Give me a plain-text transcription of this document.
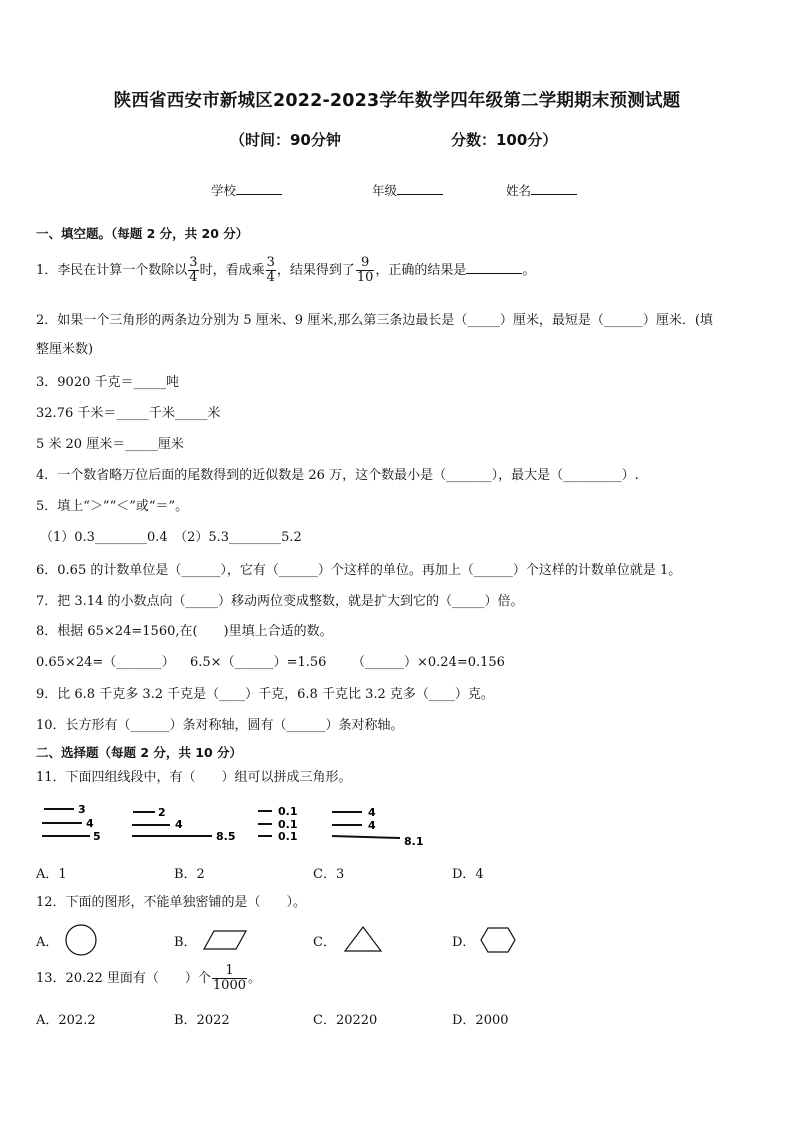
陕西省西安市新城区2022-2023学年数学四年级第二学期期末预测试题
（时间：90分钟	分数：100分）
学校	年级	姓名
一、填空题。（每题 2 分，共 20 分）
1．李民在计算一个数除以 $\frac{3}{4}$ 时，看成乘 $\frac{3}{4}$ ，结果得到了 $\frac{9}{10}$ ，正确的结果是	。
2．如果一个三角形的两条边分别为 5 厘米、9 厘米,那么第三条边最长是（_____）厘米，最短是（______）厘米．(填
整厘米数)
3．9020 千克＝_____吨
32.76 千米＝_____千米_____米
5 米 20 厘米＝_____厘米
4．一个数省略万位后面的尾数得到的近似数是 26 万，这个数最小是（_______），最大是（_________）.
5．填上“＞”“＜”或“＝”。
（1）0.3________0.4　（2）5.3________5.2
6．0.65 的计数单位是（______），它有（______）个这样的单位。再加上（______）个这样的计数单位就是 1。
7．把 3.14 的小数点向（_____）移动两位变成整数，就是扩大到它的（_____）倍。
8．根据 65×24=1560,在(　　)里填上合适的数。
0.65×24=（_______） 6.5×（______）=1.56 （______）×0.24=0.156
9．比 6.8 千克多 3.2 千克是（____）千克，6.8 千克比 3.2 克多（____）克。
10．长方形有（______）条对称轴，圆有（______）条对称轴。
二、选择题（每题 2 分，共 10 分）
11．下面四组线段中，有（　　）组可以拼成三角形。
3
4
5
2
4
8.5
0.1
0.1
0.1
4
4
8.1
A．1	B．2	C．3	D．4
12．下面的图形，不能单独密铺的是（　　）。
A．	B．	C．	D．
13．20.22 里面有（　　）个 $\frac{1}{1000}$ 。
A．202.2	B．2022	C．20220	D．2000
